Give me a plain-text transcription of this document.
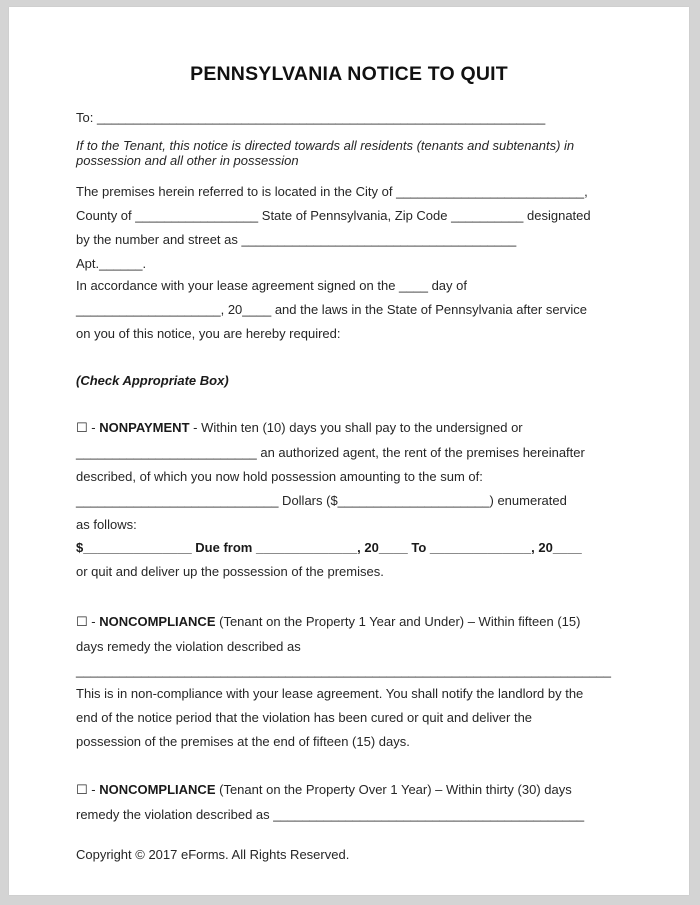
PENNSYLVANIA NOTICE TO QUIT

To: ______________________________________________________________

If to the Tenant, this notice is directed towards all residents (tenants and subtenants) in

possession and all other in possession

The premises herein referred to is located in the City of __________________________,

County of _________________ State of Pennsylvania, Zip Code __________ designated

by the number and street as ______________________________________

Apt.______.

In accordance with your lease agreement signed on the ____ day of

____________________, 20____ and the laws in the State of Pennsylvania after service

on you of this notice, you are hereby required:

(Check Appropriate Box)

☐ - NONPAYMENT - Within ten (10) days you shall pay to the undersigned or

_________________________ an authorized agent, the rent of the premises hereinafter

described, of which you now hold possession amounting to the sum of:

____________________________ Dollars ($_____________________) enumerated

as follows:

$_______________ Due from ______________, 20____ To ______________, 20____

or quit and deliver up the possession of the premises.

☐ - NONCOMPLIANCE (Tenant on the Property 1 Year and Under) – Within fifteen (15)

days remedy the violation described as

__________________________________________________________________________

This is in non-compliance with your lease agreement. You shall notify the landlord by the

end of the notice period that the violation has been cured or quit and deliver the

possession of the premises at the end of fifteen (15) days.

☐ - NONCOMPLIANCE (Tenant on the Property Over 1 Year) – Within thirty (30) days

remedy the violation described as ___________________________________________

Copyright © 2017 eForms. All Rights Reserved.
